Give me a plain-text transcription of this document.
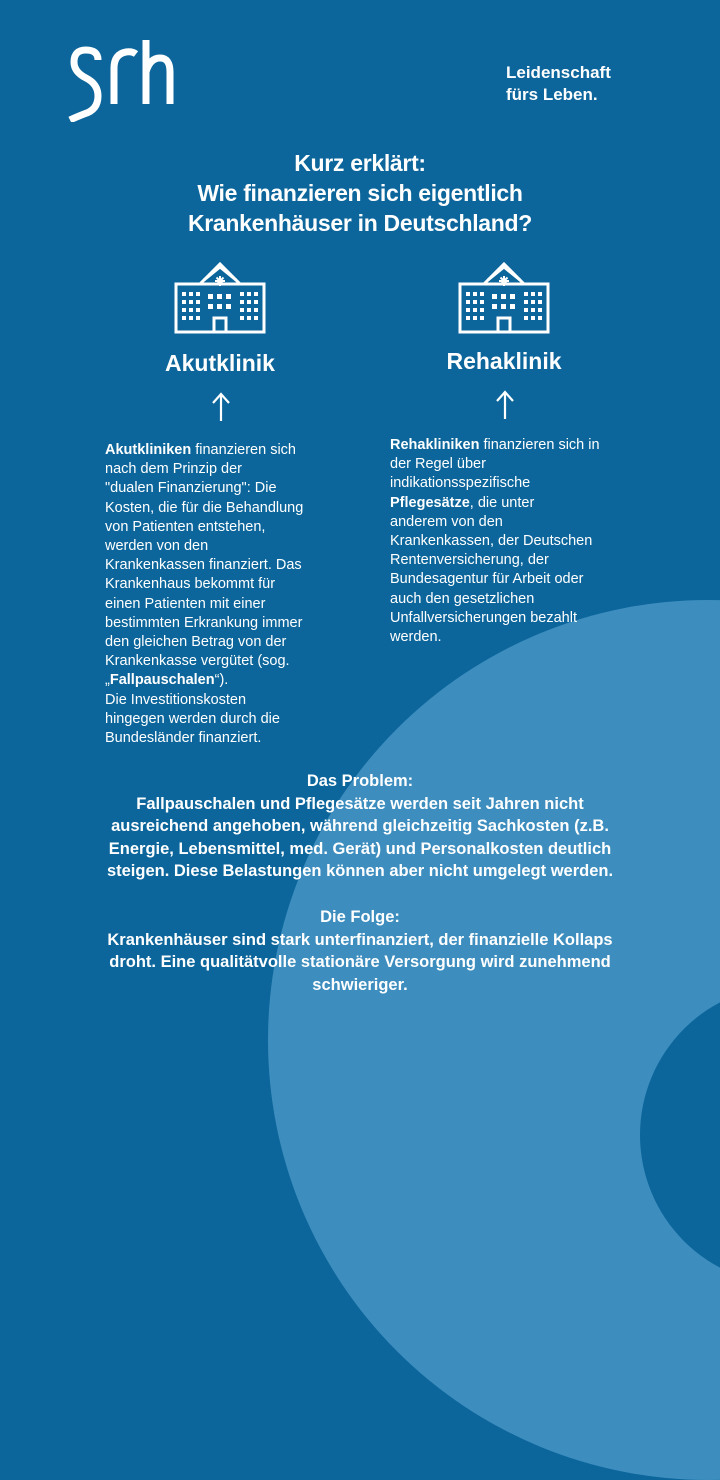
Leidenschaft
fürs Leben.
Kurz erklärt:
Wie finanzieren sich eigentlich
Krankenhäuser in Deutschland?
Akutklinik	Rehaklinik
Akutkliniken finanzieren sich
nach dem Prinzip der
"dualen Finanzierung": Die
Kosten, die für die Behandlung
von Patienten entstehen,
werden von den
Krankenkassen finanziert. Das
Krankenhaus bekommt für
einen Patienten mit einer
bestimmten Erkrankung immer
den gleichen Betrag von der
Krankenkasse vergütet (sog.
„Fallpauschalen“).
Die Investitionskosten
hingegen werden durch die
Bundesländer finanziert.
Rehakliniken finanzieren sich in
der Regel über
indikationsspezifische
Pflegesätze, die unter
anderem von den
Krankenkassen, der Deutschen
Rentenversicherung, der
Bundesagentur für Arbeit oder
auch den gesetzlichen
Unfallversicherungen bezahlt
werden.
Das Problem:
Fallpauschalen und Pflegesätze werden seit Jahren nicht
ausreichend angehoben, während gleichzeitig Sachkosten (z.B.
Energie, Lebensmittel, med. Gerät) und Personalkosten deutlich
steigen. Diese Belastungen können aber nicht umgelegt werden.
Die Folge:
Krankenhäuser sind stark unterfinanziert, der finanzielle Kollaps
droht. Eine qualitätvolle stationäre Versorgung wird zunehmend
schwieriger.
